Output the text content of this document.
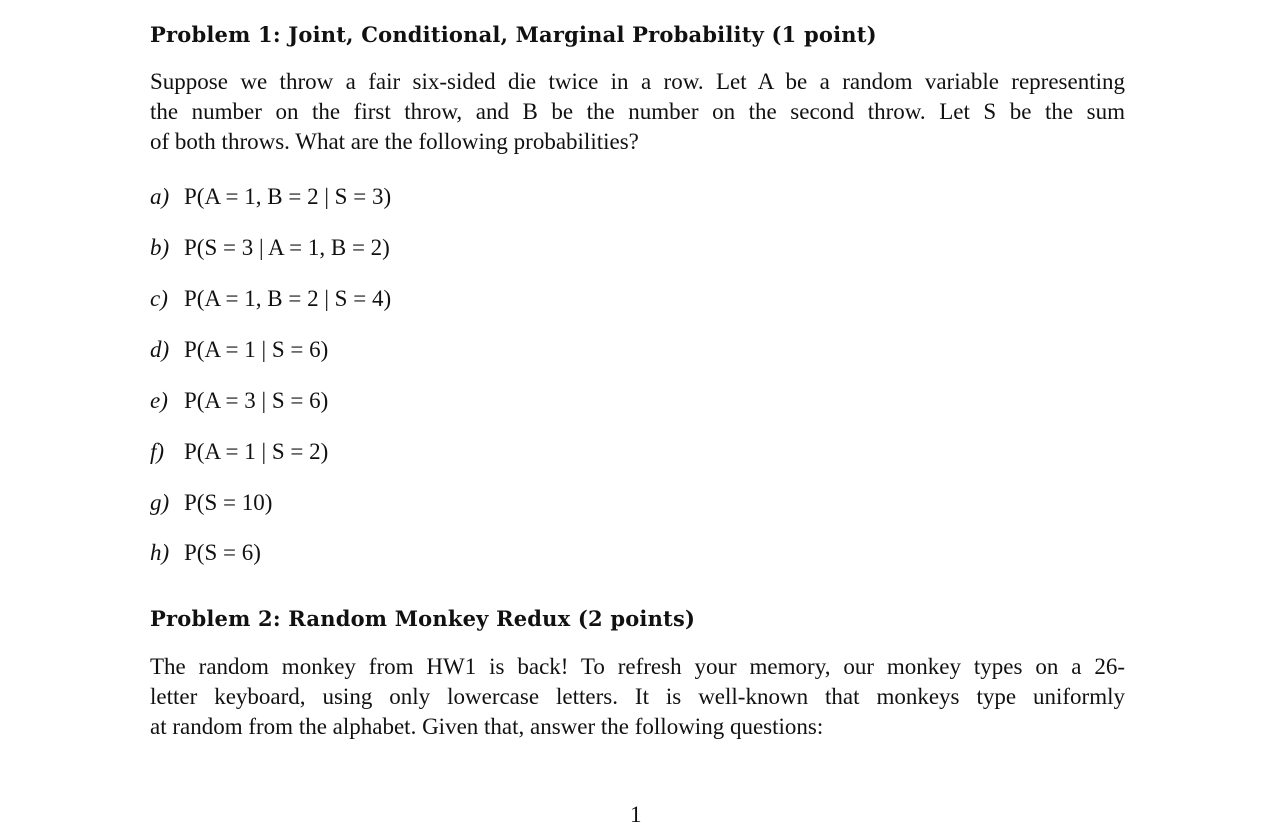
Problem 1: Joint, Conditional, Marginal Probability (1 point)
Suppose we throw a fair six-sided die twice in a row. Let A be a random variable representing
the number on the first throw, and B be the number on the second throw. Let S be the sum
of both throws. What are the following probabilities?
a) P(A = 1, B = 2 | S = 3)
b) P(S = 3 | A = 1, B = 2)
c) P(A = 1, B = 2 | S = 4)
d) P(A = 1 | S = 6)
e) P(A = 3 | S = 6)
f) P(A = 1 | S = 2)
g) P(S = 10)
h) P(S = 6)
Problem 2: Random Monkey Redux (2 points)
The random monkey from HW1 is back! To refresh your memory, our monkey types on a 26-
letter keyboard, using only lowercase letters. It is well-known that monkeys type uniformly
at random from the alphabet. Given that, answer the following questions:
1
